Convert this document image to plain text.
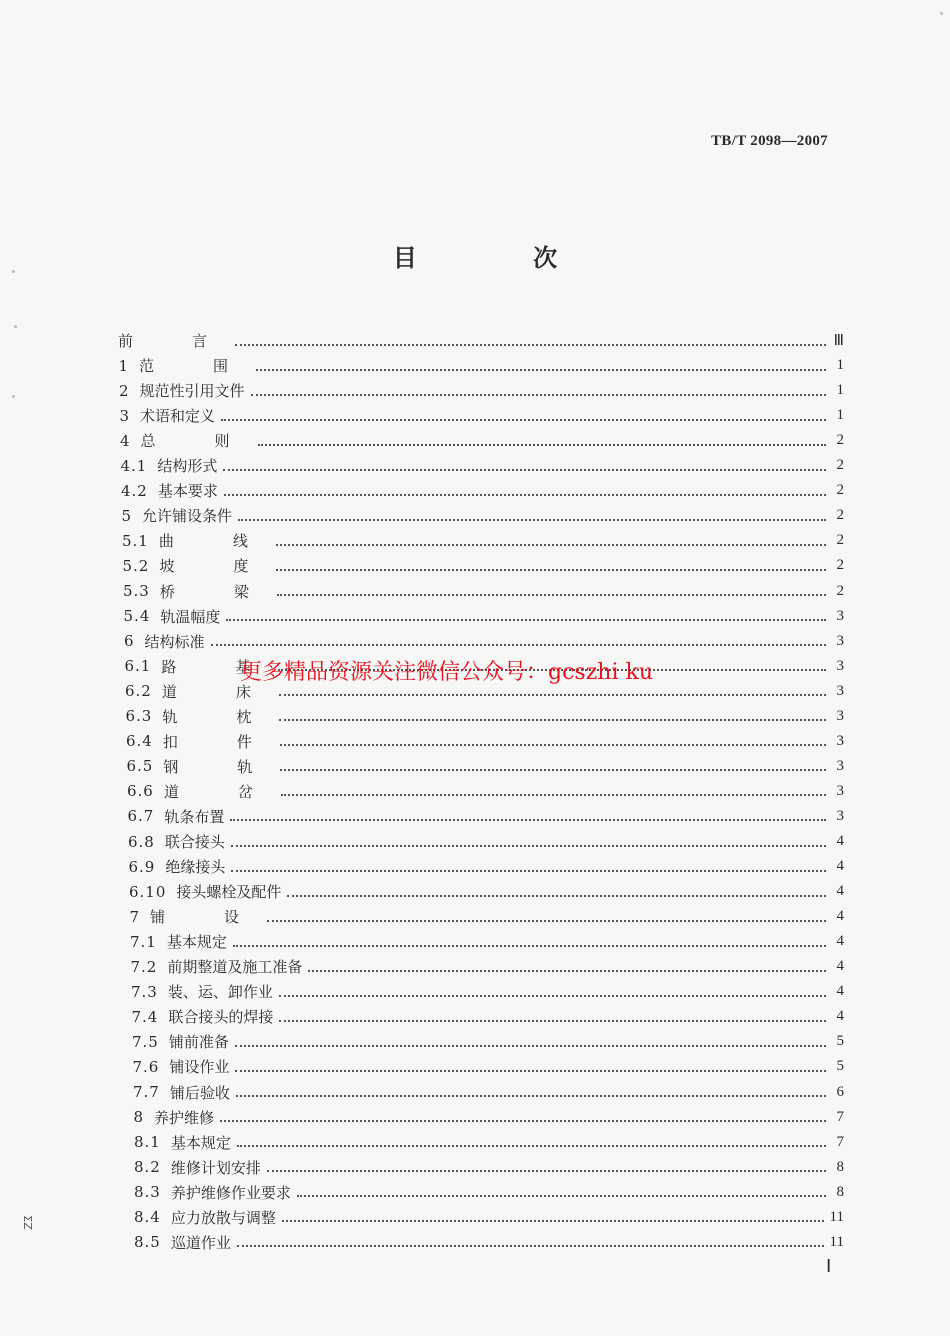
TB/T 2098—2007
目 次
前　言	Ⅲ
1 范　围	1
2 规范性引用文件	1
3 术语和定义	1
4 总　则	2
4.1 结构形式	2
4.2 基本要求	2
5 允许铺设条件	2
5.1 曲　线	2
5.2 坡　度	2
5.3 桥　梁	2
5.4 轨温幅度	3
6 结构标准	3
6.1 路　基	3
6.2 道　床	3
6.3 轨　枕	3
6.4 扣　件	3
6.5 钢　轨	3
6.6 道　岔	3
6.7 轨条布置	3
6.8 联合接头	4
6.9 绝缘接头	4
6.10 接头螺栓及配件	4
7 铺　设	4
7.1 基本规定	4
7.2 前期整道及施工准备	4
7.3 装、运、卸作业	4
7.4 联合接头的焊接	4
7.5 铺前准备	5
7.6 铺设作业	5
7.7 铺后验收	6
8 养护维修	7
8.1 基本规定	7
8.2 维修计划安排	8
8.3 养护维修作业要求	8
8.4 应力放散与调整	11
8.5 巡道作业	11
更多精品资源关注微信公众号：gcszhi ku
Ⅰ
ΣZ
